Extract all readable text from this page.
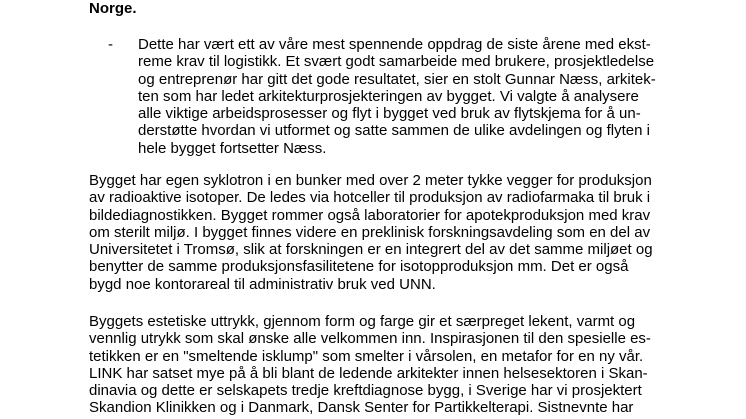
Norge.
- Dette har vært ett av våre mest spennende oppdrag de siste årene med ekst-
reme krav til logistikk. Et svært godt samarbeide med brukere, prosjektledelse
og entreprenør har gitt det gode resultatet, sier en stolt Gunnar Næss, arkitek-
ten som har ledet arkitekturprosjekteringen av bygget. Vi valgte å analysere
alle viktige arbeidsprosesser og flyt i bygget ved bruk av flytskjema for å un-
derstøtte hvordan vi utformet og satte sammen de ulike avdelingen og flyten i
hele bygget fortsetter Næss.
Bygget har egen syklotron i en bunker med over 2 meter tykke vegger for produksjon
av radioaktive isotoper. De ledes via hotceller til produksjon av radiofarmaka til bruk i
bildediagnostikken. Bygget rommer også laboratorier for apotekproduksjon med krav
om sterilt miljø. I bygget finnes videre en preklinisk forskningsavdeling som en del av
Universitetet i Tromsø, slik at forskningen er en integrert del av det samme miljøet og
benytter de samme produksjonsfasilitetene for isotopproduksjon mm. Det er også
bygd noe kontorareal til administrativ bruk ved UNN.
Byggets estetiske uttrykk, gjennom form og farge gir et særpreget lekent, varmt og
vennlig utrykk som skal ønske alle velkommen inn. Inspirasjonen til den spesielle es-
tetikken er en "smeltende isklump" som smelter i vårsolen, en metafor for en ny vår.
LINK har satset mye på å bli blant de ledende arkitekter innen helsesektoren i Skan-
dinavia og dette er selskapets tredje kreftdiagnose bygg, i Sverige har vi prosjektert
Skandion Klinikken og i Danmark, Dansk Senter for Partikkelterapi. Sistnevnte har
